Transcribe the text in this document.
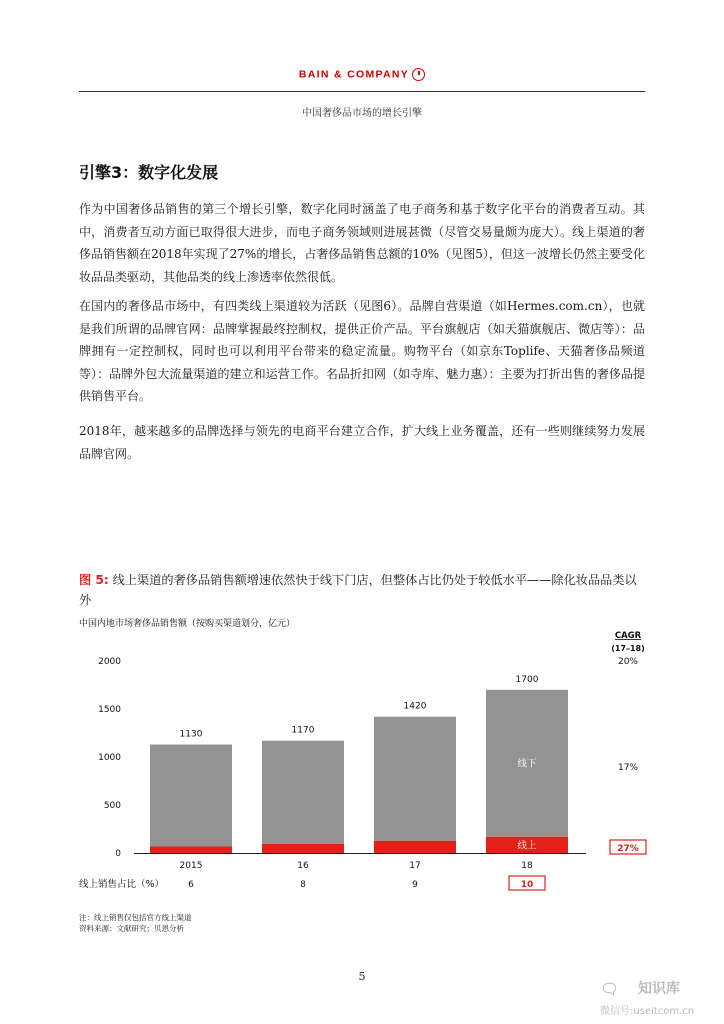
BAIN & COMPANY
中国奢侈品市场的增长引擎
引擎3：数字化发展

作为中国奢侈品销售的第三个增长引擎，数字化同时涵盖了电子商务和基于数字化平台的消费者互动。其中，消费者互动方面已取得很大进步，而电子商务领域则进展甚微（尽管交易量颇为庞大）。线上渠道的奢侈品销售额在2018年实现了27%的增长，占奢侈品销售总额的10%（见图5），但这一波增长仍然主要受化妆品品类驱动，其他品类的线上渗透率依然很低。

在国内的奢侈品市场中，有四类线上渠道较为活跃（见图6）。品牌自营渠道（如Hermes.com.cn），也就是我们所谓的品牌官网：品牌掌握最终控制权，提供正价产品。平台旗舰店（如天猫旗舰店、微店等）：品牌拥有一定控制权，同时也可以利用平台带来的稳定流量。购物平台（如京东Toplife、天猫奢侈品频道等）：品牌外包大流量渠道的建立和运营工作。名品折扣网（如寺库、魅力惠）：主要为打折出售的奢侈品提供销售平台。

2018年，越来越多的品牌选择与领先的电商平台建立合作，扩大线上业务覆盖，还有一些则继续努力发展品牌官网。

图 5: 线上渠道的奢侈品销售额增速依然快于线下门店，但整体占比仍处于较低水平——除化妆品品类以外

中国内地市场奢侈品销售额（按购买渠道划分，亿元）
0
500
1000
1500
2000
1130
2015
1170
16
1420
17
1700
18
线上
线下
CAGR
(17–18)
20%
17%
27%
线上销售占比（%）	6	8	9	10
注：线上销售仅包括官方线上渠道
资料来源：文献研究；贝恩分析
5
🗨 知识库
微信号:useitcom.cn
